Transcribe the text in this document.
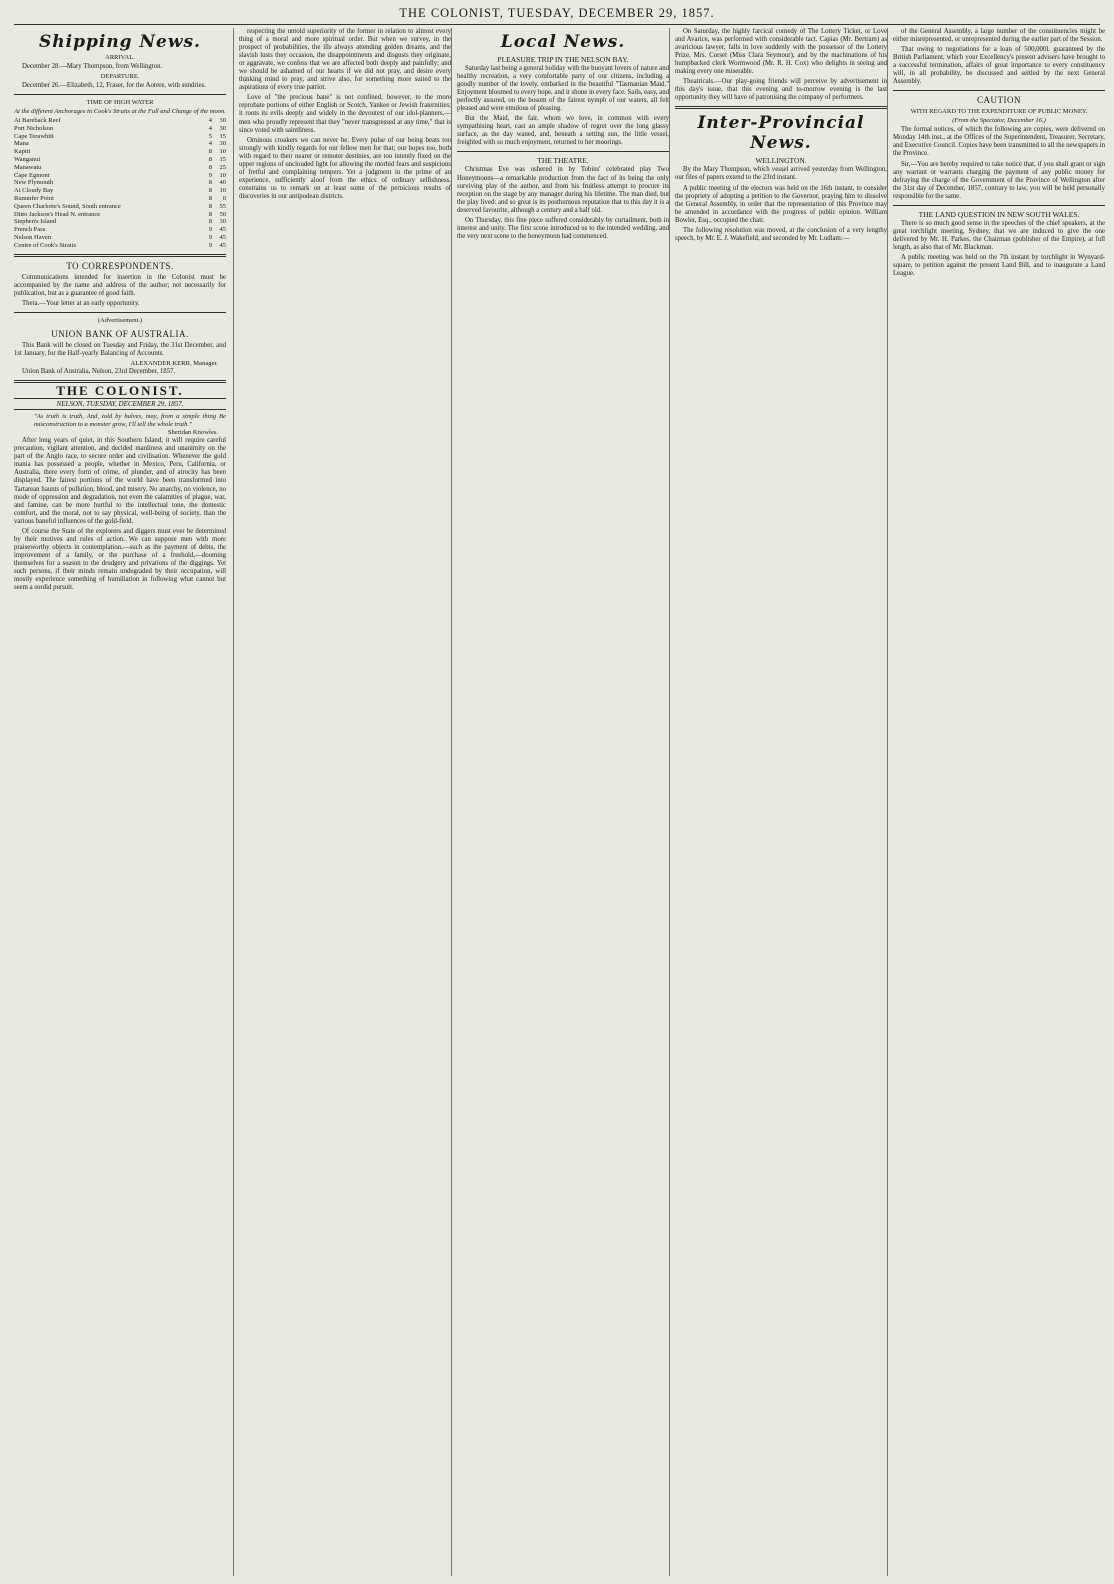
THE COLONIST, TUESDAY, DECEMBER 29, 1857.
Shipping News.
ARRIVAL.

December 28.—Mary Thompson, from Wellington.

DEPARTURE.

December 26.—Elizabeth, 12, Fraser, for the Aorere, with sundries.

TIME OF HIGH WATER
At the different Anchorages in Cook's Straits at the Full and Change of the moon.
At Bareback Reef	4	30
Port Nicholson	4	30
Cape Terawhiti	5	15
Mana	4	30
Kapiti	8	10
Wanganui	8	15
Manawatu	8	25
Cape Egmont	9	10
New Plymouth	8	40
At Cloudy Bay	8	10
Rununfer Point	8	0
Queen Charlotte's Sound, South entrance	8	55
Ditto Jackson's Head N. entrance	8	50
Stephen's Island	8	30
French Pass	9	45
Nelson Haven	9	45
Centre of Cook's Straits	9	45
TO CORRESPONDENTS.

Communications intended for insertion in the Colonist must be accompanied by the name and address of the author; not necessarily for publication, but as a guarantee of good faith.

Theta.—Your letter at an early opportunity.

(Advertisement.)
UNION BANK OF AUSTRALIA.

This Bank will be closed on Tuesday and Friday, the 31st December, and 1st January, for the Half-yearly Balancing of Accounts.

ALEXANDER KERR, Manager.

Union Bank of Australia, Nelson, 23rd December, 1857.

THE COLONIST.
NELSON, TUESDAY, DECEMBER 29, 1857.
"As truth is truth, And, told by halves, may, from a simple thing Be misconstruction to a monster grow, I'll tell the whole truth."
Sheridan Knowles.

After long years of quiet, in this Southern Island, it will require careful precaution, vigilant attention, and decided manliness and unanimity on the part of the Anglo race, to secure order and civilisation. Whenever the gold mania has possessed a people, whether in Mexico, Peru, California, or Australia, there every form of crime, of plunder, and of atrocity has been displayed. The fairest portions of the world have been transformed into Tartarean haunts of pollution, blood, and misery. No anarchy, no violence, no mode of oppression and degradation, not even the calamities of plague, war, and famine, can be more hurtful to the intellectual tone, the domestic comfort, and the moral, not to say physical, well-being of society, than the various baneful influences of the gold-field.

Of course the State of the explorers and diggers must ever be determined by their motives and rules of action. We can suppose men with more praiseworthy objects in contemplation,—such as the payment of debts, the improvement of a family, or the purchase of a freehold,—dooming themselves for a season to the drudgery and privations of the diggings. Yet such persons, if their minds remain undegraded by their occupation, will mostly experience something of humiliation in following what cannot but seem a sordid pursuit.

respecting the untold superiority of the former in relation to almost every thing of a moral and more spiritual order. But when we survey, in the prospect of probabilities, the ills always attending golden dreams, and the slavish lusts they occasion, the disappointments and disgusts they originate, or aggravate, we confess that we are affected both deeply and painfully; and we should be ashamed of our hearts if we did not pray, and desire every thinking mind to pray, and strive also, for something more suited to the aspirations of every true patriot.

Love of "the precious bane" is not confined, however, to the more reprobate portions of either English or Scotch, Yankee or Jewish fraternities; it roots its evils deeply and widely in the devoutest of our idol-planners,—men who proudly represent that they "never transgressed at any time," that is since voted with saintliness.

Ominous croakers we can never be. Every pulse of our being beats too strongly with kindly regards for our fellow men for that; our hopes too, both with regard to their nearer or remoter destinies, are too intently fixed on the upper regions of unclouded light for allowing the morbid fears and suspicions of fretful and complaining tempers. Yet a judgment in the prime of an experience, sufficiently aloof from the ethics of ordinary selfishness, constrains us to remark on at least some of the pernicious results of discoveries in our antipodean districts.

Local News.
PLEASURE TRIP IN THE NELSON BAY.

Saturday last being a general holiday with the buoyant lovers of nature and healthy recreation, a very comfortable party of our citizens, including a goodly number of the lovely, embarked in the beautiful "Tasmanian Maid." Enjoyment bloomed to every hope, and it shone in every face. Sails, easy, and perfectly assured, on the bosom of the fairest nymph of our waters, all felt pleased and were emulous of pleasing.

But the Maid, the fair, whom we love, in common with every sympathising heart, cast an ample shadow of regret over the long glassy surface, as the day waned, and, beneath a setting sun, the little vessel, freighted with so much enjoyment, returned to her moorings.

THE THEATRE.

Christmas Eve was ushered in by Tobins' celebrated play Two Honeymoons—a remarkable production from the fact of its being the only surviving play of the author, and from his fruitless attempt to procure its reception on the stage by any manager during his lifetime. The man died, but the play lived: and so great is its posthumous reputation that to this day it is a deserved favourite, although a century and a half old.

On Thursday, this fine piece suffered considerably by curtailment, both in interest and unity. The first scene introduced us to the intended wedding, and the very next scene to the honeymoon had commenced.

On Saturday, the highly farcical comedy of The Lottery Ticket, or Love and Avarice, was performed with considerable tact. Capias (Mr. Bertram) as avaricious lawyer, falls in love suddenly with the possessor of the Lottery Prize, Mrs. Corset (Miss Clara Seymour), and by the machinations of his humpbacked clerk Wormwood (Mr. R. H. Cox) who delights in seeing and making every one miserable.

Theatricals.—Our play-going friends will perceive by advertisement in this day's issue, that this evening and to-morrow evening is the last opportunity they will have of patronising the company of performers.

Inter-Provincial News.
WELLINGTON.

By the Mary Thompson, which vessel arrived yesterday from Wellington, our files of papers extend to the 23rd instant.

A public meeting of the electors was held on the 16th instant, to consider the propriety of adopting a petition to the Governor, praying him to dissolve the General Assembly, in order that the representation of this Province may be amended in accordance with the progress of public opinion. William Bowler, Esq., occupied the chair.

The following resolution was moved, at the conclusion of a very lengthy speech, by Mr. E. J. Wakefield, and seconded by Mr. Ludlam:—

of the General Assembly, a large number of the constituencies might be either misrepresented, or unrepresented during the earlier part of the Session.

That owing to negotiations for a loan of 500,000l. guaranteed by the British Parliament, which your Excellency's present advisers have brought to a successful termination, affairs of great importance to every constituency will, in all probability, be discussed and settled by the next General Assembly.

CAUTION
WITH REGARD TO THE EXPENDITURE OF PUBLIC MONEY.
(From the Spectator, December 16.)

The formal notices, of which the following are copies, were delivered on Monday 14th inst., at the Offices of the Superintendent, Treasurer, Secretary, and Executive Council. Copies have been transmitted to all the newspapers in the Province.

Sir,—You are hereby required to take notice that, if you shall grant or sign any warrant or warrants charging the payment of any public money for defraying the charge of the Government of the Province of Wellington after the 31st day of December, 1857, contrary to law, you will be held personally responsible for the same.

THE LAND QUESTION IN NEW SOUTH WALES.

There is so much good sense in the speeches of the chief speakers, at the great torchlight meeting, Sydney, that we are induced to give the one delivered by Mr. H. Parkes, the Chairman (publisher of the Empire), at full length, as also that of Mr. Blackman.

A public meeting was held on the 7th instant by torchlight in Wynyard-square, to petition against the present Land Bill, and to inaugurate a Land League.
